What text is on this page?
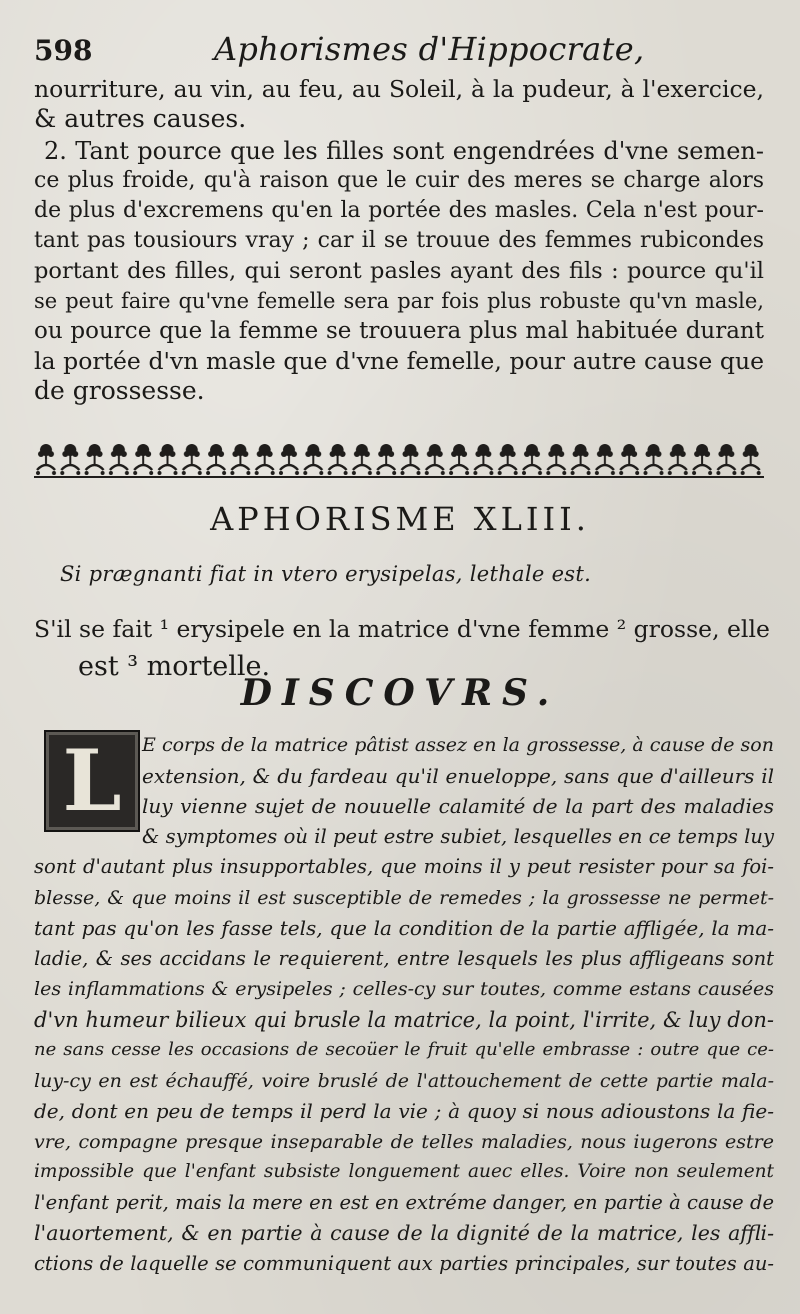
598	Aphorismes d'Hippocrate,
nourriture, au vin, au feu, au Soleil, à la pudeur, à l'exercice,
& autres causes.
2. Tant pource que les filles sont engendrées d'vne semen-
ce plus froide, qu'à raison que le cuir des meres se charge alors
de plus d'excremens qu'en la portée des masles. Cela n'est pour-
tant pas tousiours vray ; car il se trouue des femmes rubicondes
portant des filles, qui seront pasles ayant des fils : pource qu'il
se peut faire qu'vne femelle sera par fois plus robuste qu'vn masle,
ou pource que la femme se trouuera plus mal habituée durant
la portée d'vn masle que d'vne femelle, pour autre cause que
de grossesse.
APHORISME XLIII.
Si prægnanti fiat in vtero erysipelas, lethale est.
S'il se fait ¹ erysipele en la matrice d'vne femme ² grosse, elle
est ³ mortelle.
DISCOVRS.
L	E corps de la matrice pâtist assez en la grossesse, à cause de son
extension, & du fardeau qu'il enueloppe, sans que d'ailleurs il
luy vienne sujet de nouuelle calamité de la part des maladies
& symptomes où il peut estre subiet, lesquelles en ce temps luy
sont d'autant plus insupportables, que moins il y peut resister pour sa foi-
blesse, & que moins il est susceptible de remedes ; la grossesse ne permet-
tant pas qu'on les fasse tels, que la condition de la partie affligée, la ma-
ladie, & ses accidans le requierent, entre lesquels les plus affligeans sont
les inflammations & erysipeles ; celles-cy sur toutes, comme estans causées
d'vn humeur bilieux qui brusle la matrice, la point, l'irrite, & luy don-
ne sans cesse les occasions de secoüer le fruit qu'elle embrasse : outre que ce-
luy-cy en est échauffé, voire bruslé de l'attouchement de cette partie mala-
de, dont en peu de temps il perd la vie ; à quoy si nous adioustons la fie-
vre, compagne presque inseparable de telles maladies, nous iugerons estre
impossible que l'enfant subsiste longuement auec elles. Voire non seulement
l'enfant perit, mais la mere en est en extréme danger, en partie à cause de
l'auortement, & en partie à cause de la dignité de la matrice, les affli-
ctions de laquelle se communiquent aux parties principales, sur toutes au-
